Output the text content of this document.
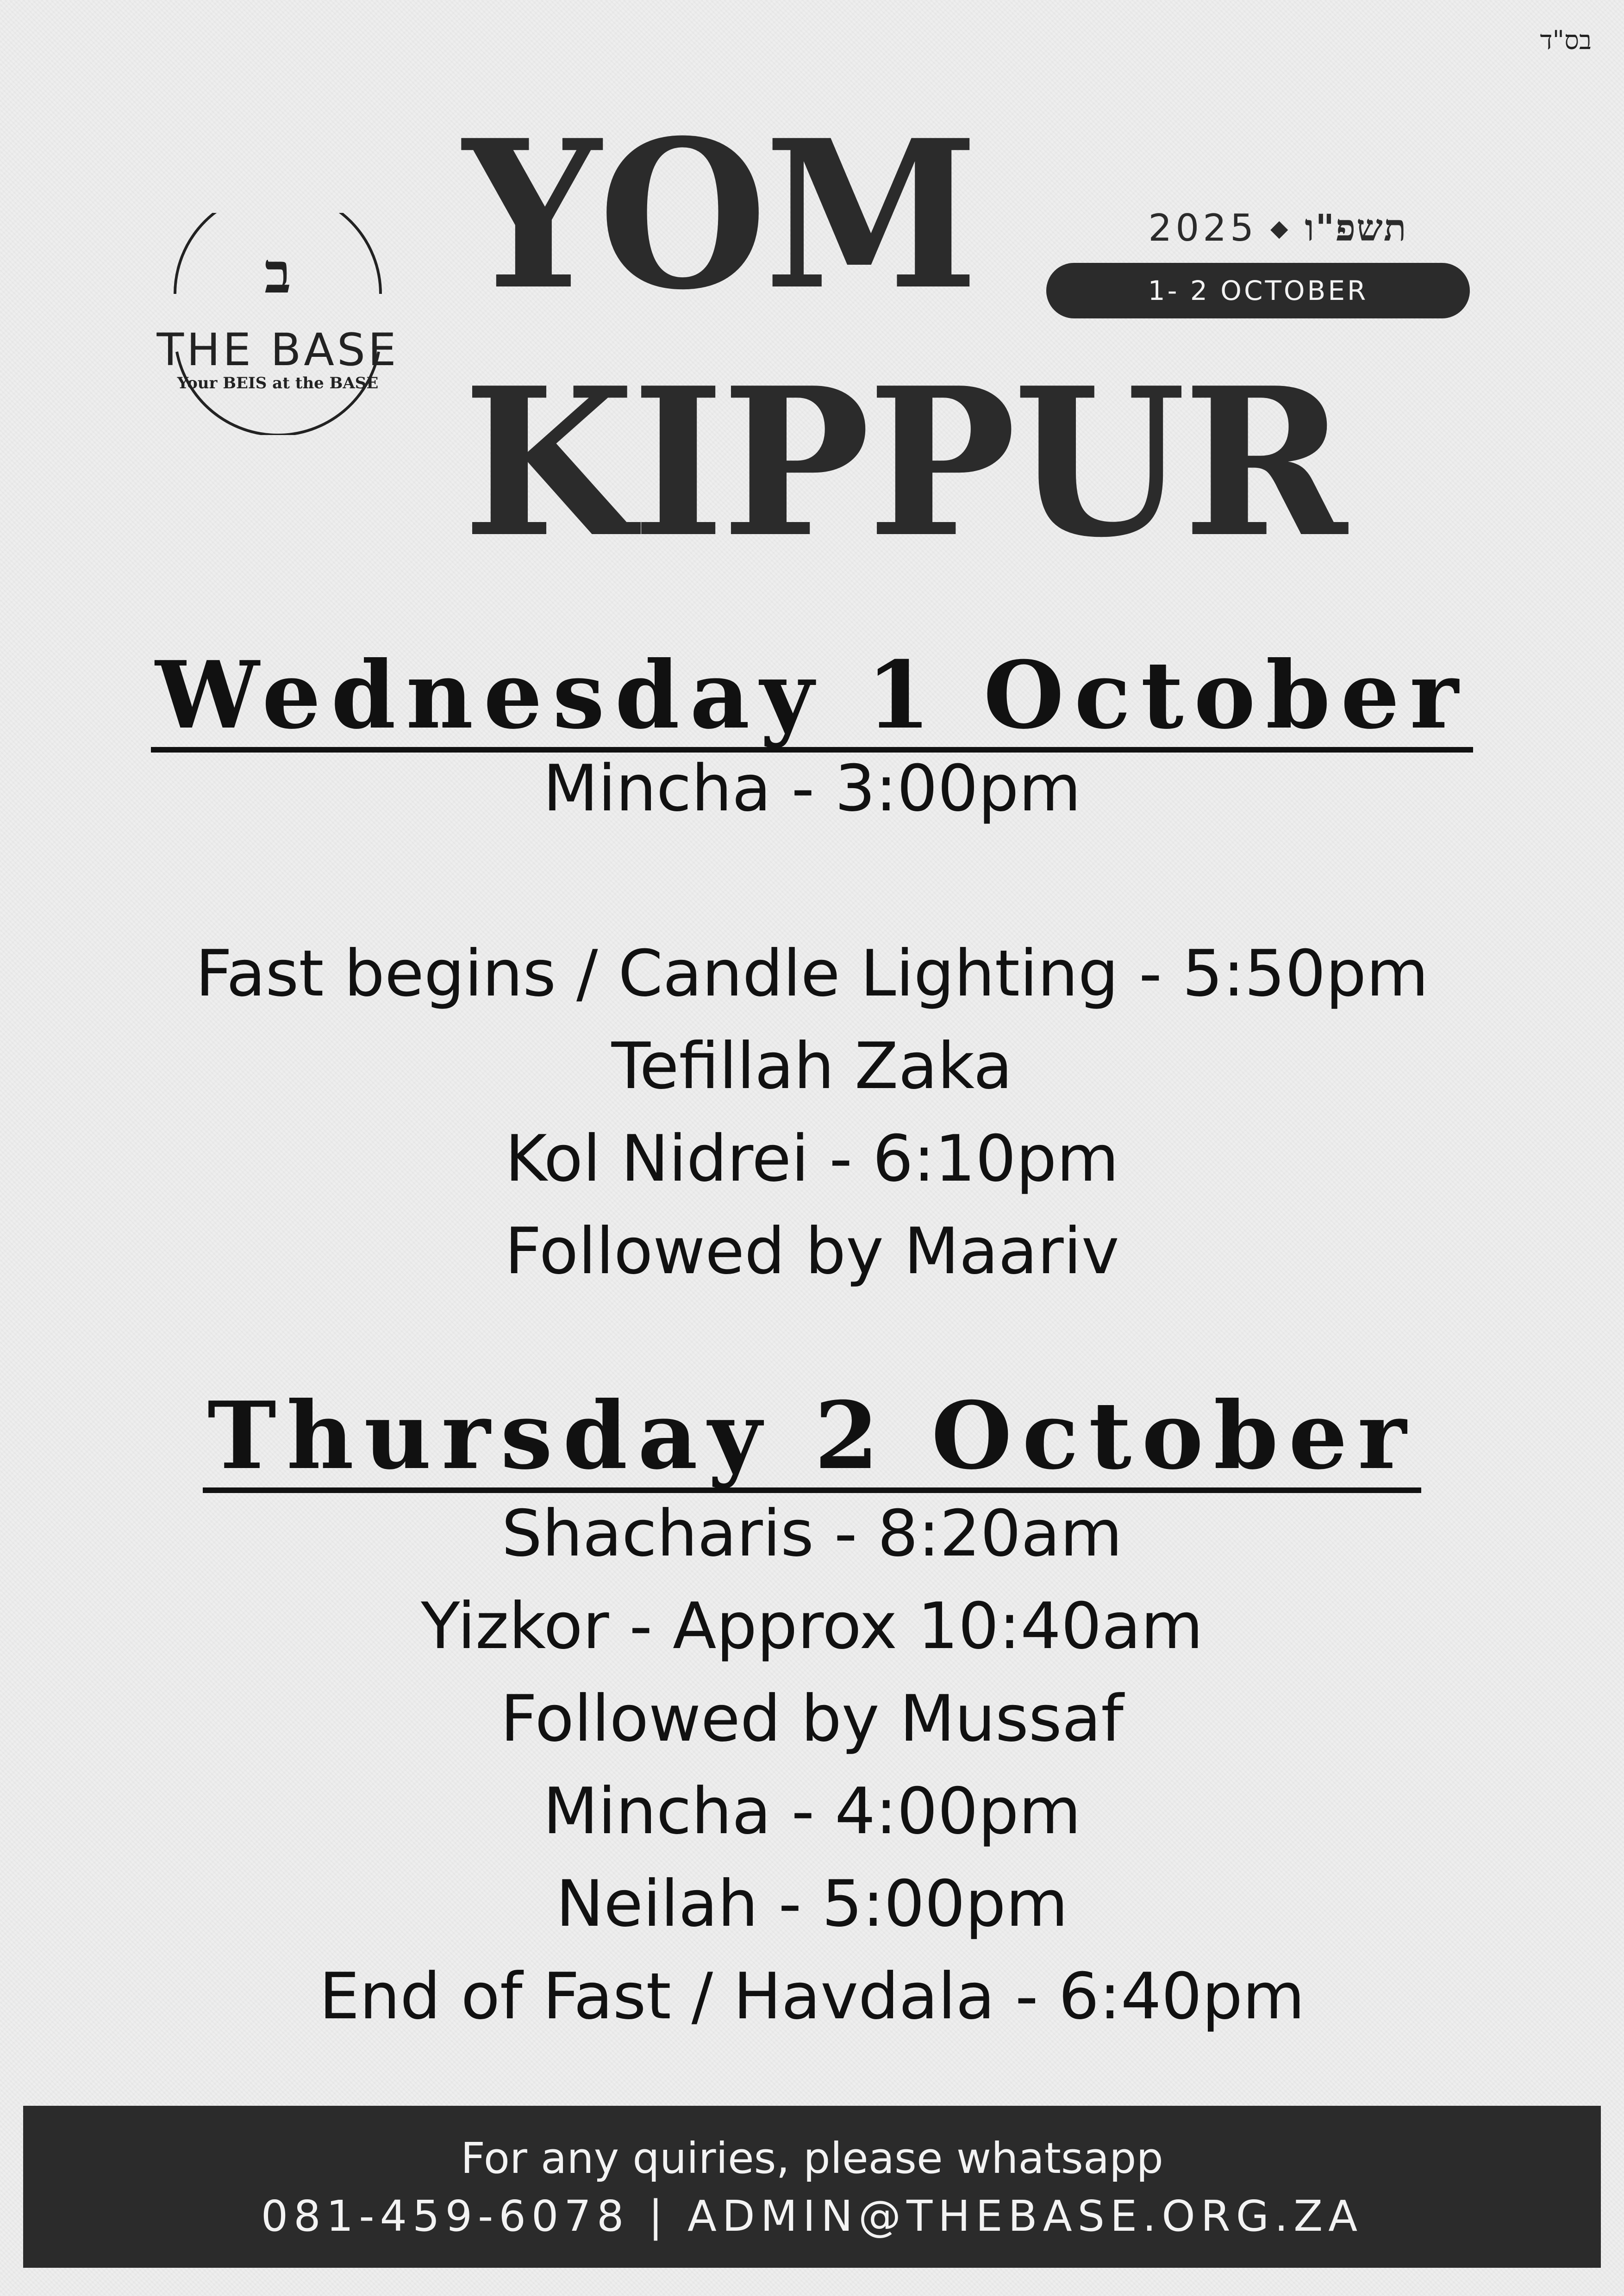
בס"ד
ב
THE BASE
Your BEIS at the BASE
YOM
KIPPUR
2025 ◆ תשפ"ו
1- 2 OCTOBER
Wednesday 1 October
Mincha - 3:00pm
Fast begins / Candle Lighting - 5:50pm
Tefillah Zaka
Kol Nidrei - 6:10pm
Followed by Maariv
Thursday 2 October
Shacharis - 8:20am
Yizkor - Approx 10:40am
Followed by Mussaf
Mincha - 4:00pm
Neilah - 5:00pm
End of Fast / Havdala - 6:40pm
For any quiries, please whatsapp
081-459-6078 | ADMIN@THEBASE.ORG.ZA
